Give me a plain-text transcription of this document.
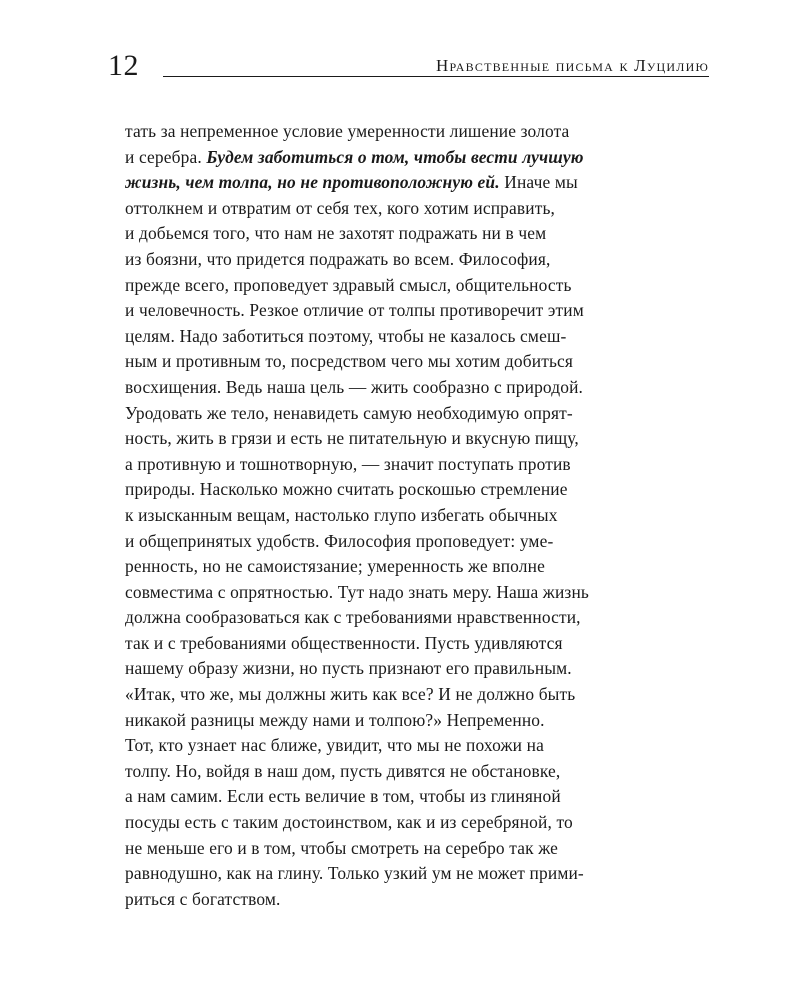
12	Нравственные письма к Луцилию
тать за непременное условие умеренности лишение золота
и серебра. Будем заботиться о том, чтобы вести лучшую
жизнь, чем толпа, но не противоположную ей. Иначе мы
оттолкнем и отвратим от себя тех, кого хотим исправить,
и добьемся того, что нам не захотят подражать ни в чем
из боязни, что придется подражать во всем. Философия,
прежде всего, проповедует здравый смысл, общительность
и человечность. Резкое отличие от толпы противоречит этим
целям. Надо заботиться поэтому, чтобы не казалось смеш-
ным и противным то, посредством чего мы хотим добиться
восхищения. Ведь наша цель — жить сообразно с природой.
Уродовать же тело, ненавидеть самую необходимую опрят-
ность, жить в грязи и есть не питательную и вкусную пищу,
а противную и тошнотворную, — значит поступать против
природы. Насколько можно считать роскошью стремление
к изысканным вещам, настолько глупо избегать обычных
и общепринятых удобств. Философия проповедует: уме-
ренность, но не самоистязание; умеренность же вполне
совместима с опрятностью. Тут надо знать меру. Наша жизнь
должна сообразоваться как с требованиями нравственности,
так и с требованиями общественности. Пусть удивляются
нашему образу жизни, но пусть признают его правильным.
«Итак, что же, мы должны жить как все? И не должно быть
никакой разницы между нами и толпою?» Непременно.
Тот, кто узнает нас ближе, увидит, что мы не похожи на
толпу. Но, войдя в наш дом, пусть дивятся не обстановке,
а нам самим. Если есть величие в том, чтобы из глиняной
посуды есть с таким достоинством, как и из серебряной, то
не меньше его и в том, чтобы смотреть на серебро так же
равнодушно, как на глину. Только узкий ум не может прими-
риться с богатством.
